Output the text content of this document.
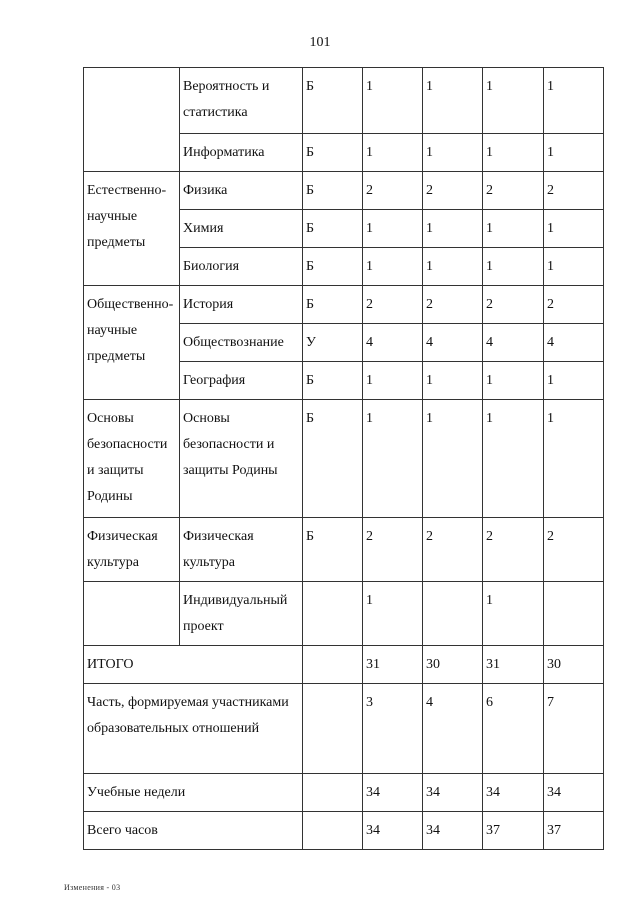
101
	Вероятность и статистика	Б	1	1	1	1
	Информатика	Б	1	1	1	1
Естественно-научные предметы	Физика	Б	2	2	2	2
	Химия	Б	1	1	1	1
	Биология	Б	1	1	1	1
Общественно-научные предметы	История	Б	2	2	2	2
	Обществознание	У	4	4	4	4
	География	Б	1	1	1	1
Основы безопасности и защиты Родины	Основы безопасности и защиты Родины	Б	1	1	1	1
Физическая культура	Физическая культура	Б	2	2	2	2
	Индивидуальный проект		1		1	
ИТОГО			31	30	31	30
Часть, формируемая участниками образовательных отношений			3	4	6	7
Учебные недели			34	34	34	34
Всего часов			34	34	37	37
Изменения - 03
